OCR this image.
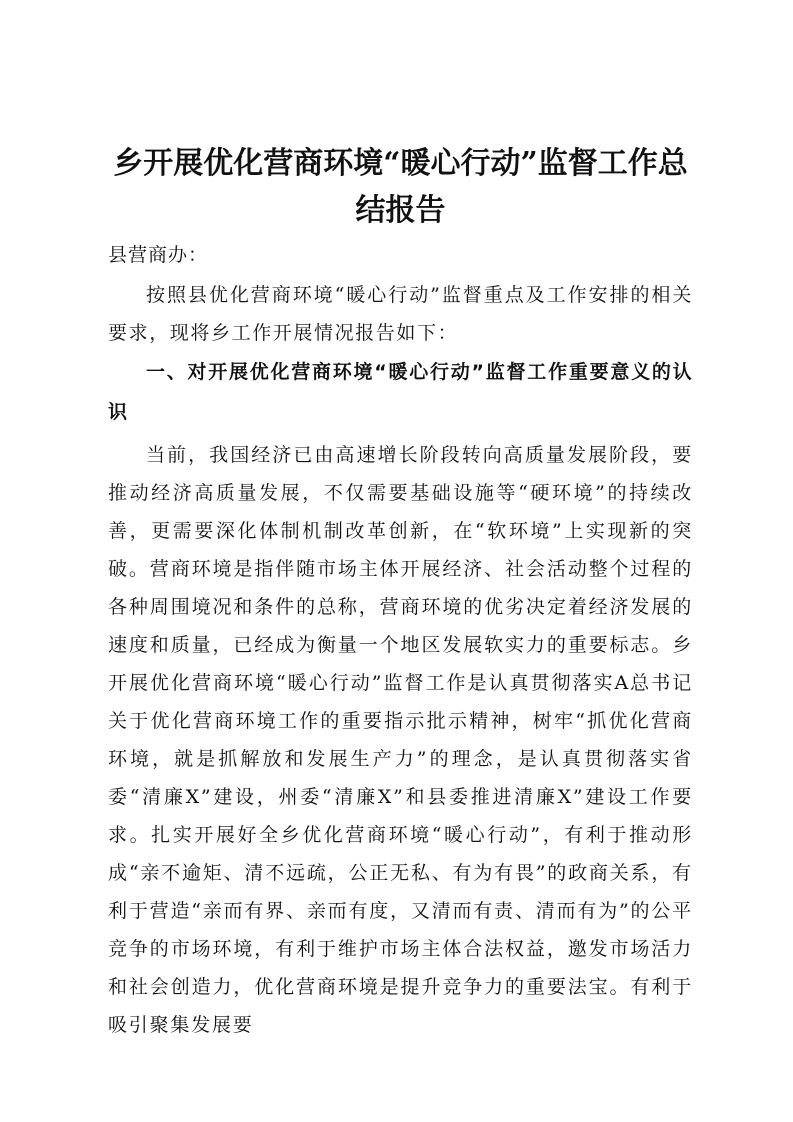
乡开展优化营商环境“暖心行动”监督工作总结报告

县营商办：

按照县优化营商环境“暖心行动”监督重点及工作安排的相关要求，现将乡工作开展情况报告如下：

一、对开展优化营商环境“暖心行动”监督工作重要意义的认识

当前，我国经济已由高速增长阶段转向高质量发展阶段，要推动经济高质量发展，不仅需要基础设施等“硬环境”的持续改善，更需要深化体制机制改革创新，在“软环境”上实现新的突破。营商环境是指伴随市场主体开展经济、社会活动整个过程的各种周围境况和条件的总称，营商环境的优劣决定着经济发展的速度和质量，已经成为衡量一个地区发展软实力的重要标志。乡开展优化营商环境“暖心行动”监督工作是认真贯彻落实A总书记关于优化营商环境工作的重要指示批示精神，树牢“抓优化营商环境，就是抓解放和发展生产力”的理念，是认真贯彻落实省委“清廉X”建设，州委“清廉X”和县委推进清廉X”建设工作要求。扎实开展好全乡优化营商环境“暖心行动”，有利于推动形成“亲不逾矩、清不远疏，公正无私、有为有畏”的政商关系，有利于营造“亲而有界、亲而有度，又清而有责、清而有为”的公平竞争的市场环境，有利于维护市场主体合法权益，邀发市场活力和社会创造力，优化营商环境是提升竞争力的重要法宝。有利于吸引聚集发展要
